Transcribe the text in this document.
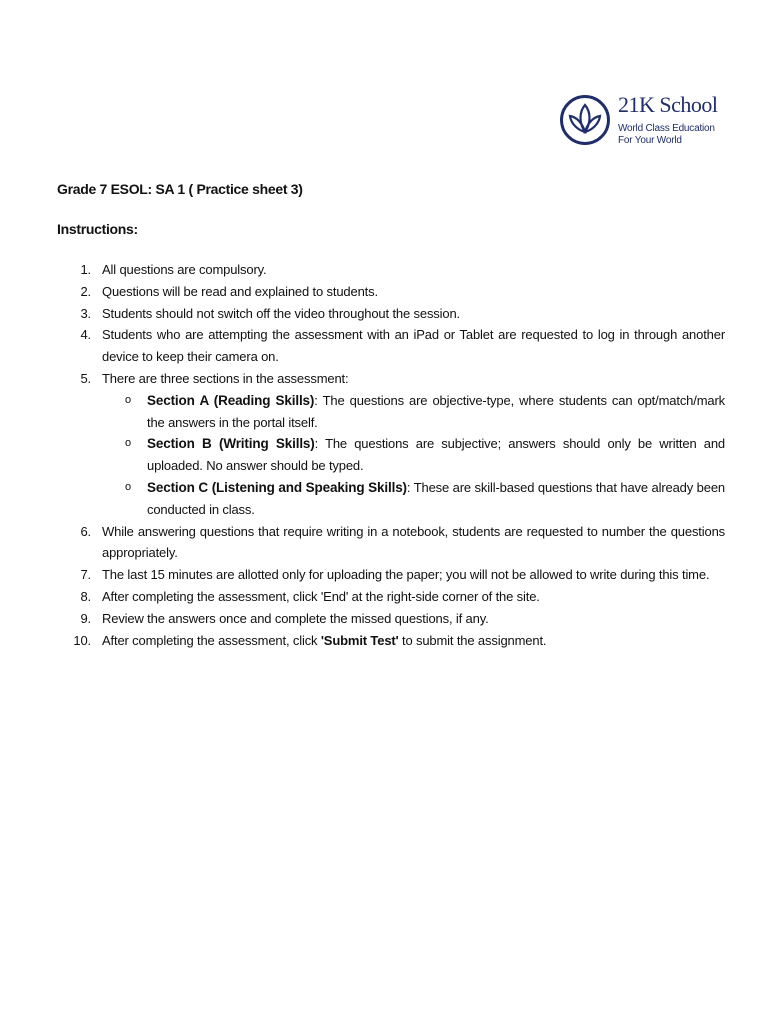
21K School
World Class Education
For Your World
Grade 7 ESOL: SA 1 ( Practice sheet 3)
Instructions:
1. All questions are compulsory.
2. Questions will be read and explained to students.
3. Students should not switch off the video throughout the session.
4. Students who are attempting the assessment with an iPad or Tablet are requested to log in through another device to keep their camera on.
5. There are three sections in the assessment:
o Section A (Reading Skills): The questions are objective-type, where students can opt/match/mark the answers in the portal itself.
o Section B (Writing Skills): The questions are subjective; answers should only be written and uploaded. No answer should be typed.
o Section C (Listening and Speaking Skills): These are skill-based questions that have already been conducted in class.
6. While answering questions that require writing in a notebook, students are requested to number the questions appropriately.
7. The last 15 minutes are allotted only for uploading the paper; you will not be allowed to write during this time.
8. After completing the assessment, click 'End' at the right-side corner of the site.
9. Review the answers once and complete the missed questions, if any.
10. After completing the assessment, click 'Submit Test' to submit the assignment.
